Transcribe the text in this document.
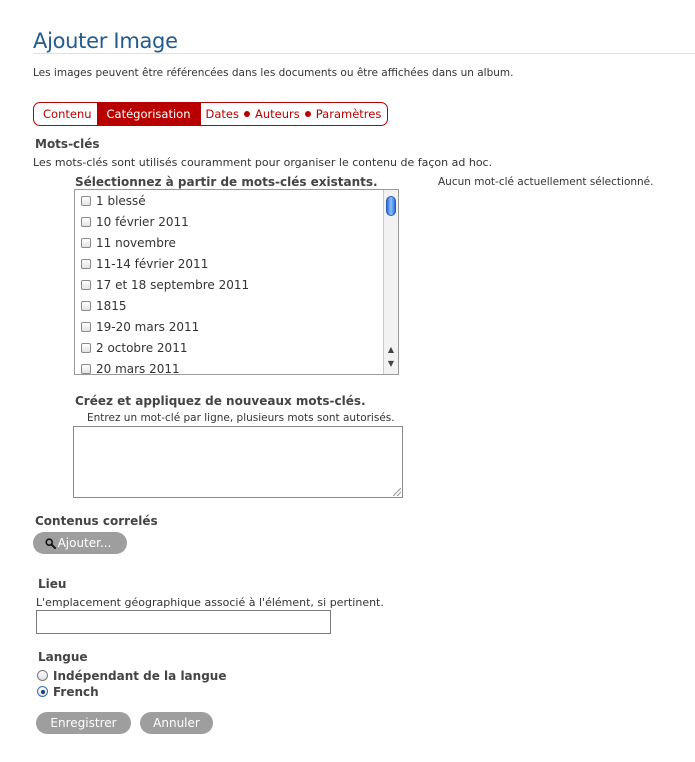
Ajouter Image
Les images peuvent être référencées dans les documents ou être affichées dans un album.
Contenu	Catégorisation	Dates	Auteurs	Paramètres
Mots-clés
Les mots-clés sont utilisés couramment pour organiser le contenu de façon ad hoc.
Sélectionnez à partir de mots-clés existants.	Aucun mot-clé actuellement sélectionné.
1 blessé
10 février 2011
11 novembre
11-14 février 2011
17 et 18 septembre 2011
1815
19-20 mars 2011
2 octobre 2011
20 mars 2011
▲
▼
Créez et appliquez de nouveaux mots-clés.
Entrez un mot-clé par ligne, plusieurs mots sont autorisés.
Contenus correlés
Ajouter...
Lieu
L'emplacement géographique associé à l'élément, si pertinent.
Langue
Indépendant de la langue
French
Enregistrer	Annuler
